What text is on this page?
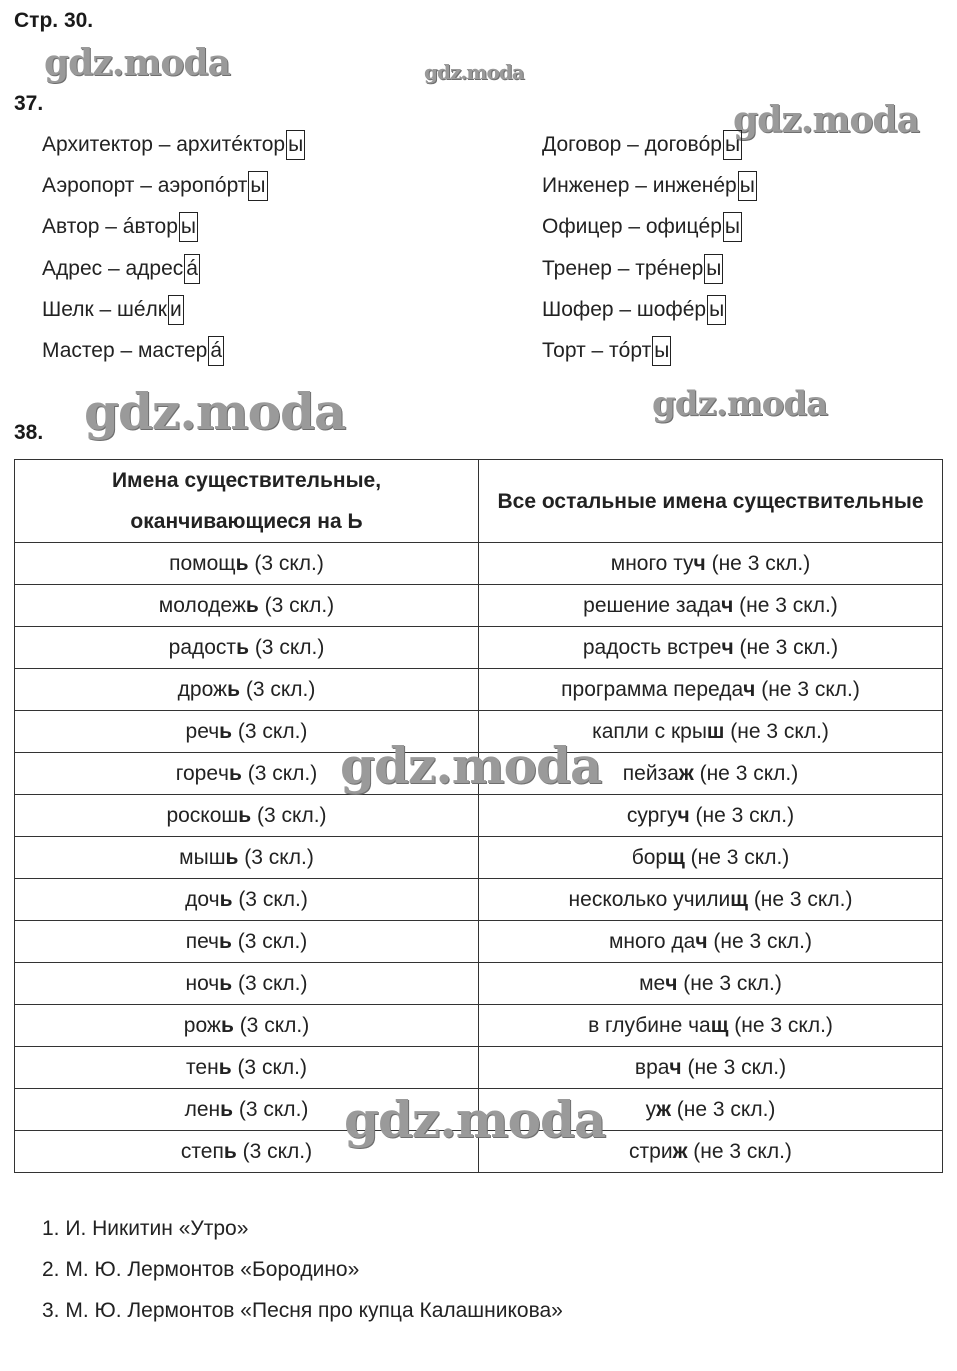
Стр. 30.
gdz.moda	gdz.moda
gdz.moda
gdz.moda	gdz.moda
37.
Архитектор – архитéктор ы
Аэропорт – аэропóрт ы
Автор – áвтор ы
Адрес – адрес á
Шелк – шéлк и
Мастер – мастер á
Договор – договóр ы
Инженер – инженéр ы
Офицер – офицéр ы
Тренер – трéнер ы
Шофер – шофéр ы
Торт – тóрт ы
38.
Имена существительные, оканчивающиеся на Ь	Все остальные имена существительные
помощь (3 скл.)	много туч (не 3 скл.)
молодежь (3 скл.)	решение задач (не 3 скл.)
радость (3 скл.)	радость встреч (не 3 скл.)
дрожь (3 скл.)	программа передач (не 3 скл.)
речь (3 скл.)	капли с крыш (не 3 скл.)
горeчь (3 скл.)	пейзаж (не 3 скл.)
роскошь (3 скл.)	сургуч (не 3 скл.)
мышь (3 скл.)	борщ (не 3 скл.)
дочь (3 скл.)	несколько училищ (не 3 скл.)
печь (3 скл.)	много дач (не 3 скл.)
ночь (3 скл.)	меч (не 3 скл.)
рожь (3 скл.)	в глубине чащ (не 3 скл.)
тень (3 скл.)	врач (не 3 скл.)
лень (3 скл.)	уж (не 3 скл.)
степь (3 скл.)	стриж (не 3 скл.)
gdz.moda
gdz.moda
1. И. Никитин «Утро»
2. М. Ю. Лермонтов «Бородино»
3. М. Ю. Лермонтов «Песня про купца Калашникова»
